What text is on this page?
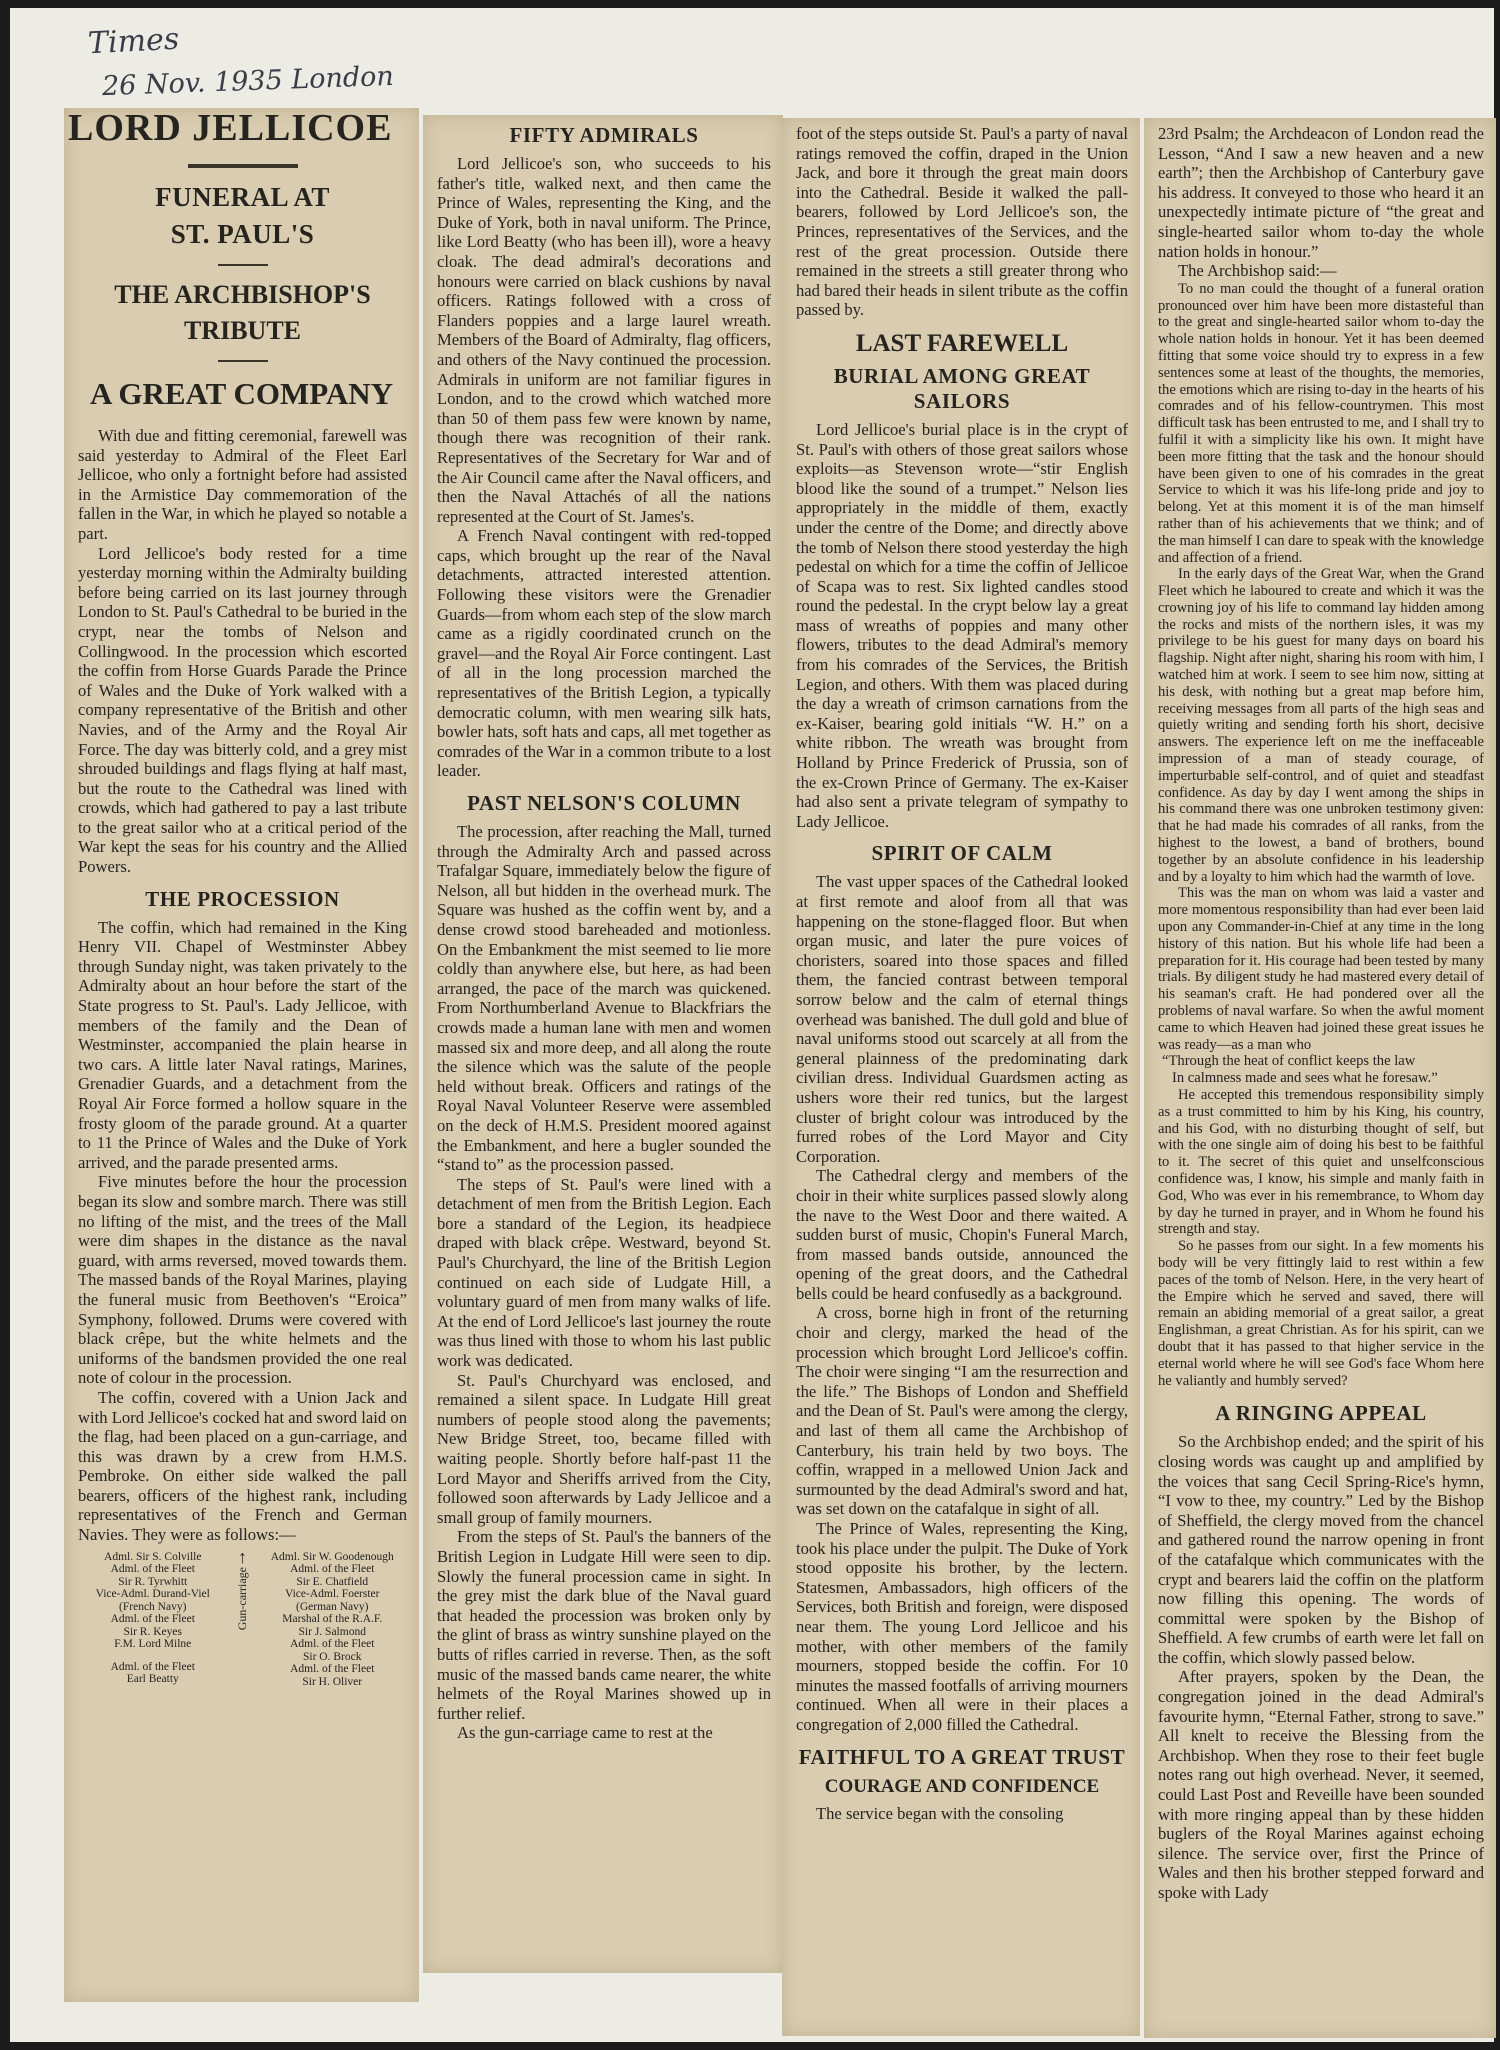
Times
26 Nov. 1935 London
LORD JELLICOE
FUNERAL AT
ST. PAUL'S
THE ARCHBISHOP'S
TRIBUTE
A GREAT COMPANY

With due and fitting ceremonial, farewell was said yesterday to Admiral of the Fleet Earl Jellicoe, who only a fortnight before had assisted in the Armistice Day commemoration of the fallen in the War, in which he played so notable a part.

Lord Jellicoe's body rested for a time yesterday morning within the Admiralty building before being carried on its last journey through London to St. Paul's Cathedral to be buried in the crypt, near the tombs of Nelson and Collingwood. In the procession which escorted the coffin from Horse Guards Parade the Prince of Wales and the Duke of York walked with a company representative of the British and other Navies, and of the Army and the Royal Air Force. The day was bitterly cold, and a grey mist shrouded buildings and flags flying at half mast, but the route to the Cathedral was lined with crowds, which had gathered to pay a last tribute to the great sailor who at a critical period of the War kept the seas for his country and the Allied Powers.

THE PROCESSION

The coffin, which had remained in the King Henry VII. Chapel of Westminster Abbey through Sunday night, was taken privately to the Admiralty about an hour before the start of the State progress to St. Paul's. Lady Jellicoe, with members of the family and the Dean of Westminster, accompanied the plain hearse in two cars. A little later Naval ratings, Marines, Grenadier Guards, and a detachment from the Royal Air Force formed a hollow square in the frosty gloom of the parade ground. At a quarter to 11 the Prince of Wales and the Duke of York arrived, and the parade presented arms.

Five minutes before the hour the procession began its slow and sombre march. There was still no lifting of the mist, and the trees of the Mall were dim shapes in the distance as the naval guard, with arms reversed, moved towards them. The massed bands of the Royal Marines, playing the funeral music from Beethoven's “Eroica” Symphony, followed. Drums were covered with black crêpe, but the white helmets and the uniforms of the bandsmen provided the one real note of colour in the procession.

The coffin, covered with a Union Jack and with Lord Jellicoe's cocked hat and sword laid on the flag, had been placed on a gun-carriage, and this was drawn by a crew from H.M.S. Pembroke. On either side walked the pall bearers, officers of the highest rank, including representatives of the French and German Navies. They were as follows:—

Adml. Sir S. Colville
Adml. of the Fleet
Sir R. Tyrwhitt
Vice-Adml. Durand-Viel
(French Navy)
Adml. of the Fleet
Sir R. Keyes
F.M. Lord Milne
Adml. of the Fleet
Earl Beatty
↑
Gun-carriage
Adml. Sir W. Goodenough
Adml. of the Fleet
Sir E. Chatfield
Vice-Adml. Foerster
(German Navy)
Marshal of the R.A.F.
Sir J. Salmond
Adml. of the Fleet
Sir O. Brock
Adml. of the Fleet
Sir H. Oliver
FIFTY ADMIRALS

Lord Jellicoe's son, who succeeds to his father's title, walked next, and then came the Prince of Wales, representing the King, and the Duke of York, both in naval uniform. The Prince, like Lord Beatty (who has been ill), wore a heavy cloak. The dead admiral's decorations and honours were carried on black cushions by naval officers. Ratings followed with a cross of Flanders poppies and a large laurel wreath. Members of the Board of Admiralty, flag officers, and others of the Navy continued the procession. Admirals in uniform are not familiar figures in London, and to the crowd which watched more than 50 of them pass few were known by name, though there was recognition of their rank. Representatives of the Secretary for War and of the Air Council came after the Naval officers, and then the Naval Attachés of all the nations represented at the Court of St. James's.

A French Naval contingent with red-topped caps, which brought up the rear of the Naval detachments, attracted interested attention. Following these visitors were the Grenadier Guards—from whom each step of the slow march came as a rigidly coordinated crunch on the gravel—and the Royal Air Force contingent. Last of all in the long procession marched the representatives of the British Legion, a typically democratic column, with men wearing silk hats, bowler hats, soft hats and caps, all met together as comrades of the War in a common tribute to a lost leader.

PAST NELSON'S COLUMN

The procession, after reaching the Mall, turned through the Admiralty Arch and passed across Trafalgar Square, immediately below the figure of Nelson, all but hidden in the overhead murk. The Square was hushed as the coffin went by, and a dense crowd stood bareheaded and motionless. On the Embankment the mist seemed to lie more coldly than anywhere else, but here, as had been arranged, the pace of the march was quickened. From Northumberland Avenue to Blackfriars the crowds made a human lane with men and women massed six and more deep, and all along the route the silence which was the salute of the people held without break. Officers and ratings of the Royal Naval Volunteer Reserve were assembled on the deck of H.M.S. President moored against the Embankment, and here a bugler sounded the “stand to” as the procession passed.

The steps of St. Paul's were lined with a detachment of men from the British Legion. Each bore a standard of the Legion, its headpiece draped with black crêpe. Westward, beyond St. Paul's Churchyard, the line of the British Legion continued on each side of Ludgate Hill, a voluntary guard of men from many walks of life. At the end of Lord Jellicoe's last journey the route was thus lined with those to whom his last public work was dedicated.

St. Paul's Churchyard was enclosed, and remained a silent space. In Ludgate Hill great numbers of people stood along the pavements; New Bridge Street, too, became filled with waiting people. Shortly before half-past 11 the Lord Mayor and Sheriffs arrived from the City, followed soon afterwards by Lady Jellicoe and a small group of family mourners.

From the steps of St. Paul's the banners of the British Legion in Ludgate Hill were seen to dip. Slowly the funeral procession came in sight. In the grey mist the dark blue of the Naval guard that headed the procession was broken only by the glint of brass as wintry sunshine played on the butts of rifles carried in reverse. Then, as the soft music of the massed bands came nearer, the white helmets of the Royal Marines showed up in further relief.

As the gun-carriage came to rest at the

foot of the steps outside St. Paul's a party of naval ratings removed the coffin, draped in the Union Jack, and bore it through the great main doors into the Cathedral. Beside it walked the pall-bearers, followed by Lord Jellicoe's son, the Princes, representatives of the Services, and the rest of the great procession. Outside there remained in the streets a still greater throng who had bared their heads in silent tribute as the coffin passed by.

LAST FAREWELL
BURIAL AMONG GREAT SAILORS

Lord Jellicoe's burial place is in the crypt of St. Paul's with others of those great sailors whose exploits—as Stevenson wrote—“stir English blood like the sound of a trumpet.” Nelson lies appropriately in the middle of them, exactly under the centre of the Dome; and directly above the tomb of Nelson there stood yesterday the high pedestal on which for a time the coffin of Jellicoe of Scapa was to rest. Six lighted candles stood round the pedestal. In the crypt below lay a great mass of wreaths of poppies and many other flowers, tributes to the dead Admiral's memory from his comrades of the Services, the British Legion, and others. With them was placed during the day a wreath of crimson carnations from the ex-Kaiser, bearing gold initials “W. H.” on a white ribbon. The wreath was brought from Holland by Prince Frederick of Prussia, son of the ex-Crown Prince of Germany. The ex-Kaiser had also sent a private telegram of sympathy to Lady Jellicoe.

SPIRIT OF CALM

The vast upper spaces of the Cathedral looked at first remote and aloof from all that was happening on the stone-flagged floor. But when organ music, and later the pure voices of choristers, soared into those spaces and filled them, the fancied contrast between temporal sorrow below and the calm of eternal things overhead was banished. The dull gold and blue of naval uniforms stood out scarcely at all from the general plainness of the predominating dark civilian dress. Individual Guardsmen acting as ushers wore their red tunics, but the largest cluster of bright colour was introduced by the furred robes of the Lord Mayor and City Corporation.

The Cathedral clergy and members of the choir in their white surplices passed slowly along the nave to the West Door and there waited. A sudden burst of music, Chopin's Funeral March, from massed bands outside, announced the opening of the great doors, and the Cathedral bells could be heard confusedly as a background.

A cross, borne high in front of the returning choir and clergy, marked the head of the procession which brought Lord Jellicoe's coffin. The choir were singing “I am the resurrection and the life.” The Bishops of London and Sheffield and the Dean of St. Paul's were among the clergy, and last of them all came the Archbishop of Canterbury, his train held by two boys. The coffin, wrapped in a mellowed Union Jack and surmounted by the dead Admiral's sword and hat, was set down on the catafalque in sight of all.

The Prince of Wales, representing the King, took his place under the pulpit. The Duke of York stood opposite his brother, by the lectern. Statesmen, Ambassadors, high officers of the Services, both British and foreign, were disposed near them. The young Lord Jellicoe and his mother, with other members of the family mourners, stopped beside the coffin. For 10 minutes the massed footfalls of arriving mourners continued. When all were in their places a congregation of 2,000 filled the Cathedral.

FAITHFUL TO A GREAT TRUST
COURAGE AND CONFIDENCE

The service began with the consoling

23rd Psalm; the Archdeacon of London read the Lesson, “And I saw a new heaven and a new earth”; then the Archbishop of Canterbury gave his address. It conveyed to those who heard it an unexpectedly intimate picture of “the great and single-hearted sailor whom to-day the whole nation holds in honour.”

The Archbishop said:—

To no man could the thought of a funeral oration pronounced over him have been more distasteful than to the great and single-hearted sailor whom to-day the whole nation holds in honour. Yet it has been deemed fitting that some voice should try to express in a few sentences some at least of the thoughts, the memories, the emotions which are rising to-day in the hearts of his comrades and of his fellow-countrymen. This most difficult task has been entrusted to me, and I shall try to fulfil it with a simplicity like his own. It might have been more fitting that the task and the honour should have been given to one of his comrades in the great Service to which it was his life-long pride and joy to belong. Yet at this moment it is of the man himself rather than of his achievements that we think; and of the man himself I can dare to speak with the knowledge and affection of a friend.

In the early days of the Great War, when the Grand Fleet which he laboured to create and which it was the crowning joy of his life to command lay hidden among the rocks and mists of the northern isles, it was my privilege to be his guest for many days on board his flagship. Night after night, sharing his room with him, I watched him at work. I seem to see him now, sitting at his desk, with nothing but a great map before him, receiving messages from all parts of the high seas and quietly writing and sending forth his short, decisive answers. The experience left on me the ineffaceable impression of a man of steady courage, of imperturbable self-control, and of quiet and steadfast confidence. As day by day I went among the ships in his command there was one unbroken testimony given: that he had made his comrades of all ranks, from the highest to the lowest, a band of brothers, bound together by an absolute confidence in his leadership and by a loyalty to him which had the warmth of love.

This was the man on whom was laid a vaster and more momentous responsibility than had ever been laid upon any Commander-in-Chief at any time in the long history of this nation. But his whole life had been a preparation for it. His courage had been tested by many trials. By diligent study he had mastered every detail of his seaman's craft. He had pondered over all the problems of naval warfare. So when the awful moment came to which Heaven had joined these great issues he was ready—as a man who

“Through the heat of conflict keeps the law

In calmness made and sees what he foresaw.”

He accepted this tremendous responsibility simply as a trust committed to him by his King, his country, and his God, with no disturbing thought of self, but with the one single aim of doing his best to be faithful to it. The secret of this quiet and unselfconscious confidence was, I know, his simple and manly faith in God, Who was ever in his remembrance, to Whom day by day he turned in prayer, and in Whom he found his strength and stay.

So he passes from our sight. In a few moments his body will be very fittingly laid to rest within a few paces of the tomb of Nelson. Here, in the very heart of the Empire which he served and saved, there will remain an abiding memorial of a great sailor, a great Englishman, a great Christian. As for his spirit, can we doubt that it has passed to that higher service in the eternal world where he will see God's face Whom here he valiantly and humbly served?

A RINGING APPEAL

So the Archbishop ended; and the spirit of his closing words was caught up and amplified by the voices that sang Cecil Spring-Rice's hymn, “I vow to thee, my country.” Led by the Bishop of Sheffield, the clergy moved from the chancel and gathered round the narrow opening in front of the catafalque which communicates with the crypt and bearers laid the coffin on the platform now filling this opening. The words of committal were spoken by the Bishop of Sheffield. A few crumbs of earth were let fall on the coffin, which slowly passed below.

After prayers, spoken by the Dean, the congregation joined in the dead Admiral's favourite hymn, “Eternal Father, strong to save.” All knelt to receive the Blessing from the Archbishop. When they rose to their feet bugle notes rang out high overhead. Never, it seemed, could Last Post and Reveille have been sounded with more ringing appeal than by these hidden buglers of the Royal Marines against echoing silence. The service over, first the Prince of Wales and then his brother stepped forward and spoke with Lady
